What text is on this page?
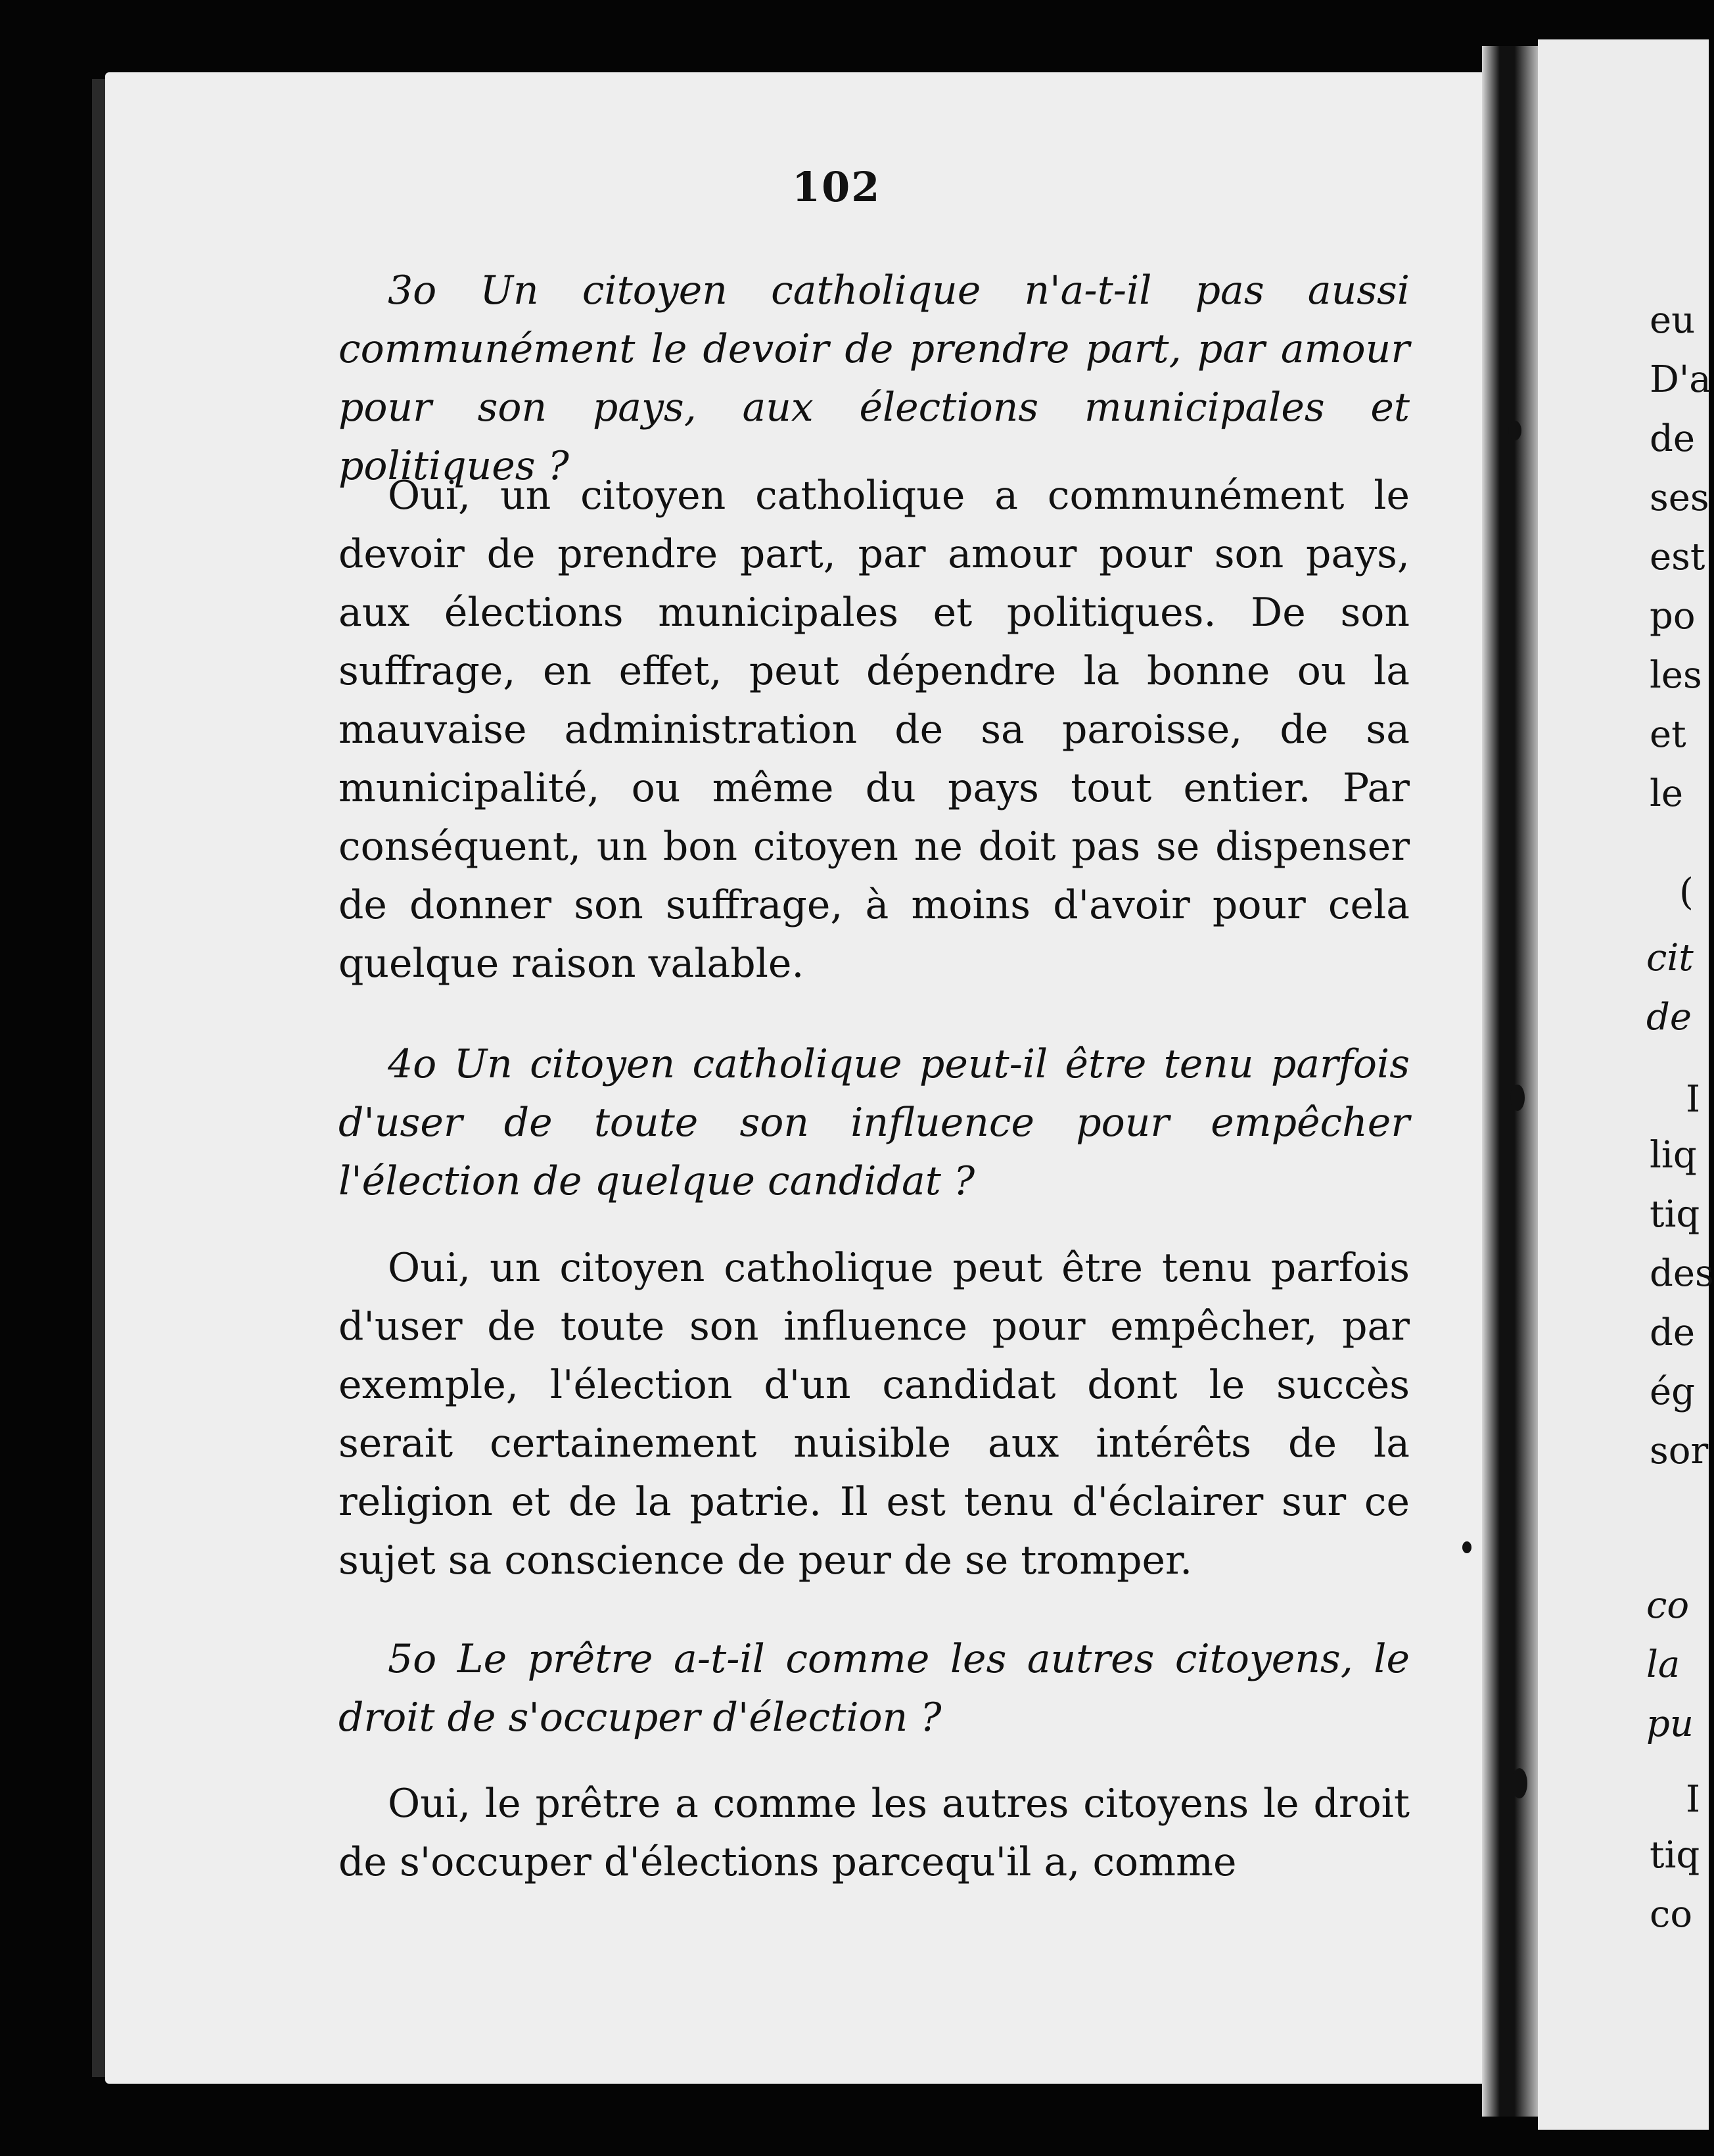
102

3o Un citoyen catholique n'a-t-il pas aussi communément le devoir de prendre part, par amour pour son pays, aux élections municipales et politiques ?

Oui, un citoyen catholique a communément le devoir de prendre part, par amour pour son pays, aux élections municipales et politiques. De son suffrage, en effet, peut dépendre la bonne ou la mauvaise administration de sa paroisse, de sa municipalité, ou même du pays tout entier. Par conséquent, un bon citoyen ne doit pas se dispenser de donner son suffrage, à moins d'avoir pour cela quelque raison valable.

4o Un citoyen catholique peut-il être tenu parfois d'user de toute son influence pour empêcher l'élection de quelque candidat ?

Oui, un citoyen catholique peut être tenu parfois d'user de toute son influence pour empêcher, par exemple, l'élection d'un candidat dont le succès serait certainement nuisible aux intérêts de la religion et de la patrie. Il est tenu d'éclairer sur ce sujet sa conscience de peur de se tromper.

5o Le prêtre a-t-il comme les autres citoyens, le droit de s'occuper d'élection ?

Oui, le prêtre a comme les autres citoyens le droit de s'occuper d'élections parcequ'il a, comme

eu
D'a
de
ses
est
po
les
et
le
(
cit
de
I
liq
tiq
des
de
ég
sor
co
la
pu
I
tiq
co
